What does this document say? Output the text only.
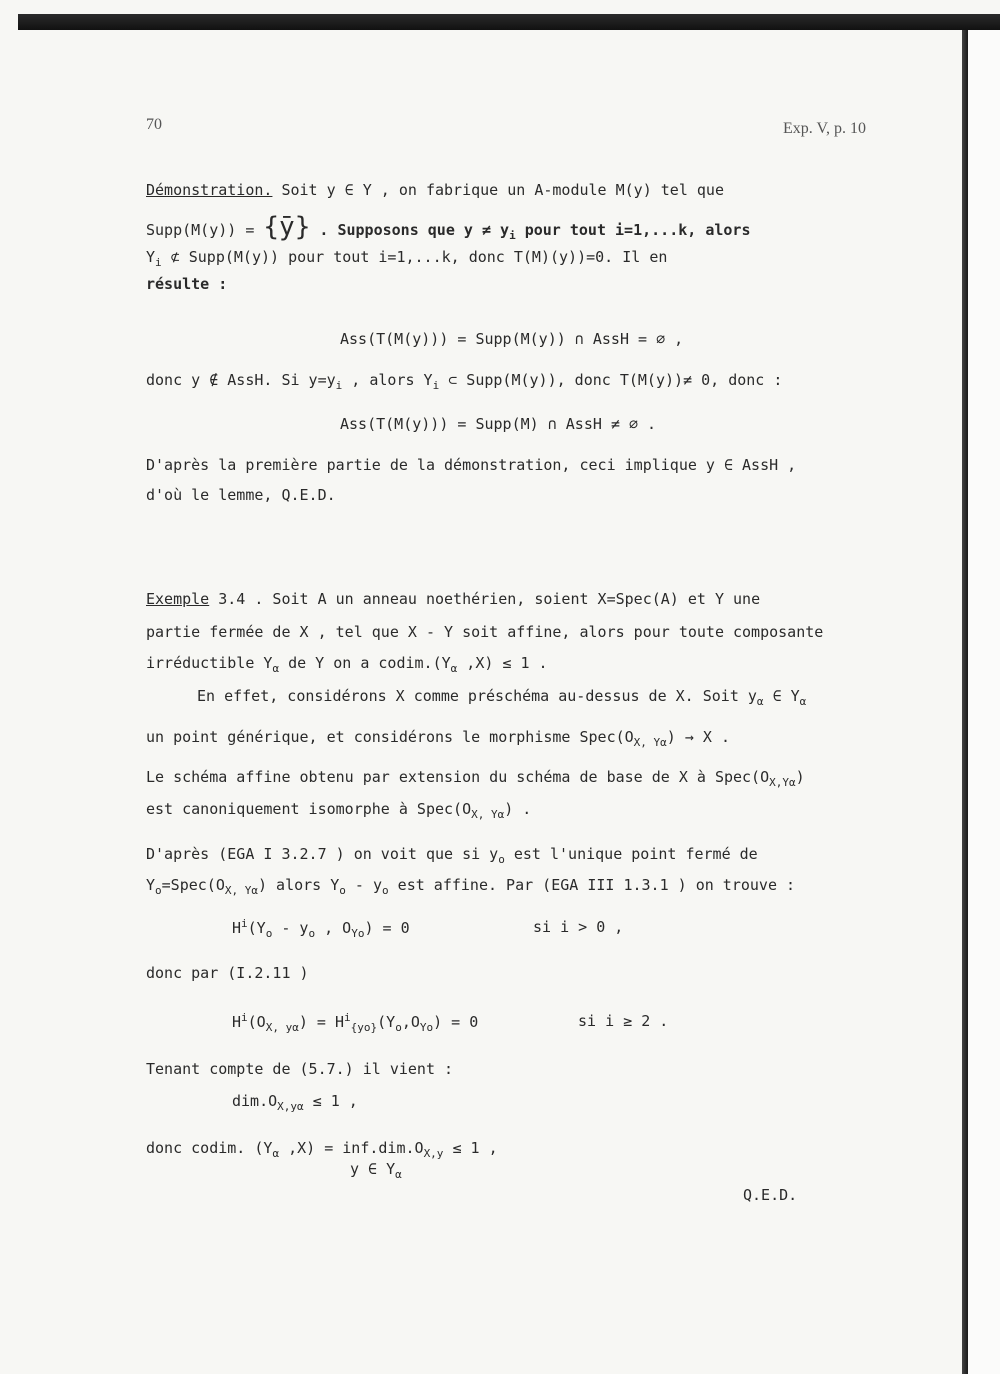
70	Exp. V, p. 10
Démonstration. Soit y ∈ Y , on fabrique un A-module M(y) tel que
Supp(M(y)) = {ȳ} . Supposons que $y \ne y_i$ pour tout i=1,...k, alors
$Y_i$ ⊄ Supp(M(y)) pour tout i=1,...k, donc T(M)(y))=0. Il en
résulte :
Ass(T(M(y))) = Supp(M(y)) ∩ AssH = ∅ ,
donc y ∉ AssH. Si $y=y_i$ , alors $Y_i$ ⊂ Supp(M(y)), donc T(M(y))≠ 0, donc :
Ass(T(M(y))) = Supp(M) ∩ AssH ≠ ∅ .
D'après la première partie de la démonstration, ceci implique y ∈ AssH ,
d'où le lemme, Q.E.D.
Exemple 3.4 . Soit A un anneau noethérien, soient X=Spec(A) et Y une
partie fermée de X , tel que X - Y soit affine, alors pour toute composante
irréductible $Y_\alpha$ de Y on a $codim.(Y_\alpha$ ,X) ≤ 1 .
En effet, considérons X comme préschéma au-dessus de X. Soit $y_\alpha$ ∈ $Y_\alpha$
un point générique, et considérons le morphisme $Spec(O_{X, Y\alpha}) \to X$ .
Le schéma affine obtenu par extension du schéma de base de X à $Spec(O_{X,Y\alpha})$
est canoniquement isomorphe à $Spec(O_{X, Y\alpha})$ .
D'après (EGA I 3.2.7 ) on voit que si $y_o$ est l'unique point fermé de
$Y_o=Spec(O_{X, Y\alpha})$ alors $Y_o - y_o$ est affine. Par (EGA III 1.3.1 ) on trouve :
$H^i(Y_o - y_o$ , $O_{Yo}) = 0$	si i > 0 ,
donc par (I.2.11 )
$H^i(O_{X, y\alpha}) = H^i_{\{yo\}}(Y_o,O_{Yo}) = 0$	si i ≥ 2 .
Tenant compte de (5.7.) il vient :
$dim.O_{X,y\alpha} \le 1$ ,
donc codim. ($Y_\alpha$ $,X) = inf.dim.O_{X,y} \le 1$ ,
y ∈ $Y_\alpha$
Q.E.D.
